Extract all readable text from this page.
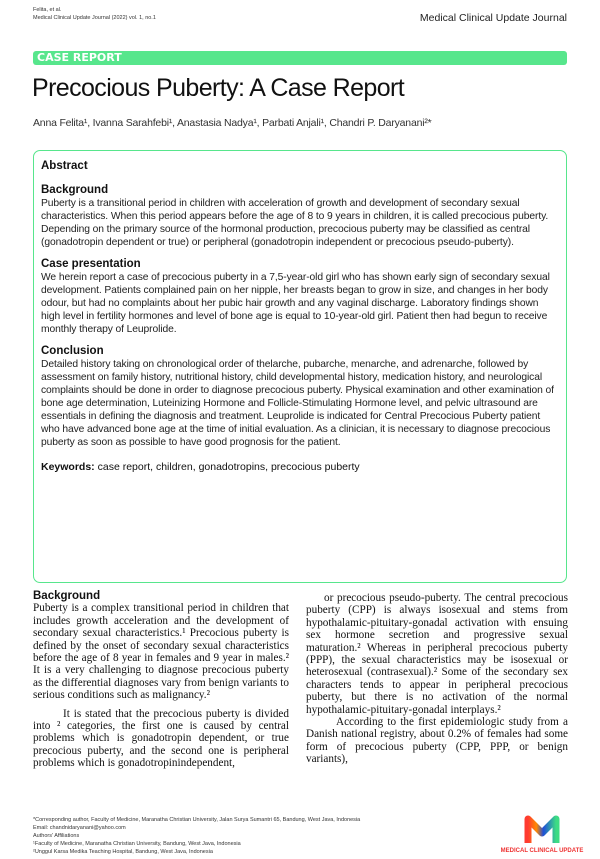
Felita, et al.
Medical Clinical Update Journal (2022) vol. 1, no.1	Medical Clinical Update Journal
CASE REPORT
Precocious Puberty: A Case Report
Anna Felita¹, Ivanna Sarahfebi¹, Anastasia Nadya¹, Parbati Anjali¹, Chandri P. Daryanani²*
Abstract
Background

Puberty is a transitional period in children with acceleration of growth and development of secondary sexual characteristics. When this period appears before the age of 8 to 9 years in children, it is called precocious puberty. Depending on the primary source of the hormonal production, precocious puberty may be classified as central (gonadotropin dependent or true) or peripheral (gonadotropin independent or precocious pseudo-puberty).

Case presentation

We herein report a case of precocious puberty in a 7,5-year-old girl who has shown early sign of secondary sexual development. Patients complained pain on her nipple, her breasts began to grow in size, and changes in her body odour, but had no complaints about her pubic hair growth and any vaginal discharge. Laboratory findings shown high level in fertility hormones and level of bone age is equal to 10-year-old girl. Patient then had begun to receive monthly therapy of Leuprolide.

Conclusion

Detailed history taking on chronological order of thelarche, pubarche, menarche, and adrenarche, followed by assessment on family history, nutritional history, child developmental history, medication history, and neurological complaints should be done in order to diagnose precocious puberty. Physical examination and other examination of bone age determination, Luteinizing Hormone and Follicle-Stimulating Hormone level, and pelvic ultrasound are essentials in defining the diagnosis and treatment. Leuprolide is indicated for Central Precocious Puberty patient who have advanced bone age at the time of initial evaluation. As a clinician, it is necessary to diagnose precocious puberty as soon as possible to have good prognosis for the patient.

Keywords: case report, children, gonadotropins, precocious puberty
Background

Puberty is a complex transitional period in children that includes growth acceleration and the development of secondary sexual characteristics.¹ Precocious puberty is defined by the onset of secondary sexual characteristics before the age of 8 year in females and 9 year in males.² It is a very challenging to diagnose precocious puberty as the differential diagnoses vary from benign variants to serious conditions such as malignancy.²

It is stated that the precocious puberty is divided into ² categories, the first one is caused by central problems which is gonadotropin dependent, or true precocious puberty, and the second one is peripheral problems which is gonadotropinindependent,

or precocious pseudo-puberty. The central precocious puberty (CPP) is always isosexual and stems from hypothalamic-pituitary-gonadal activation with ensuing sex hormone secretion and progressive sexual maturation.² Whereas in peripheral precocious puberty (PPP), the sexual characteristics may be isosexual or heterosexual (contrasexual).² Some of the secondary sex characters tends to appear in peripheral precocious puberty, but there is no activation of the normal hypothalamic-pituitary-gonadal interplays.²

According to the first epidemiologic study from a Danish national registry, about 0.2% of females had some form of precocious puberty (CPP, PPP, or benign variants),

*Corresponding author, Faculty of Medicine, Maranatha Christian University, Jalan Surya Sumantri 65, Bandung, West Java, Indonesia
Email: chandnidaryanani@yahoo.com
Authors' Affiliations
¹Faculty of Medicine, Maranatha Christian University, Bandung, West Java, Indonesia
²Unggul Karsa Medika Teaching Hospital, Bandung, West Java, Indonesia	MEDICAL CLINICAL UPDATE
